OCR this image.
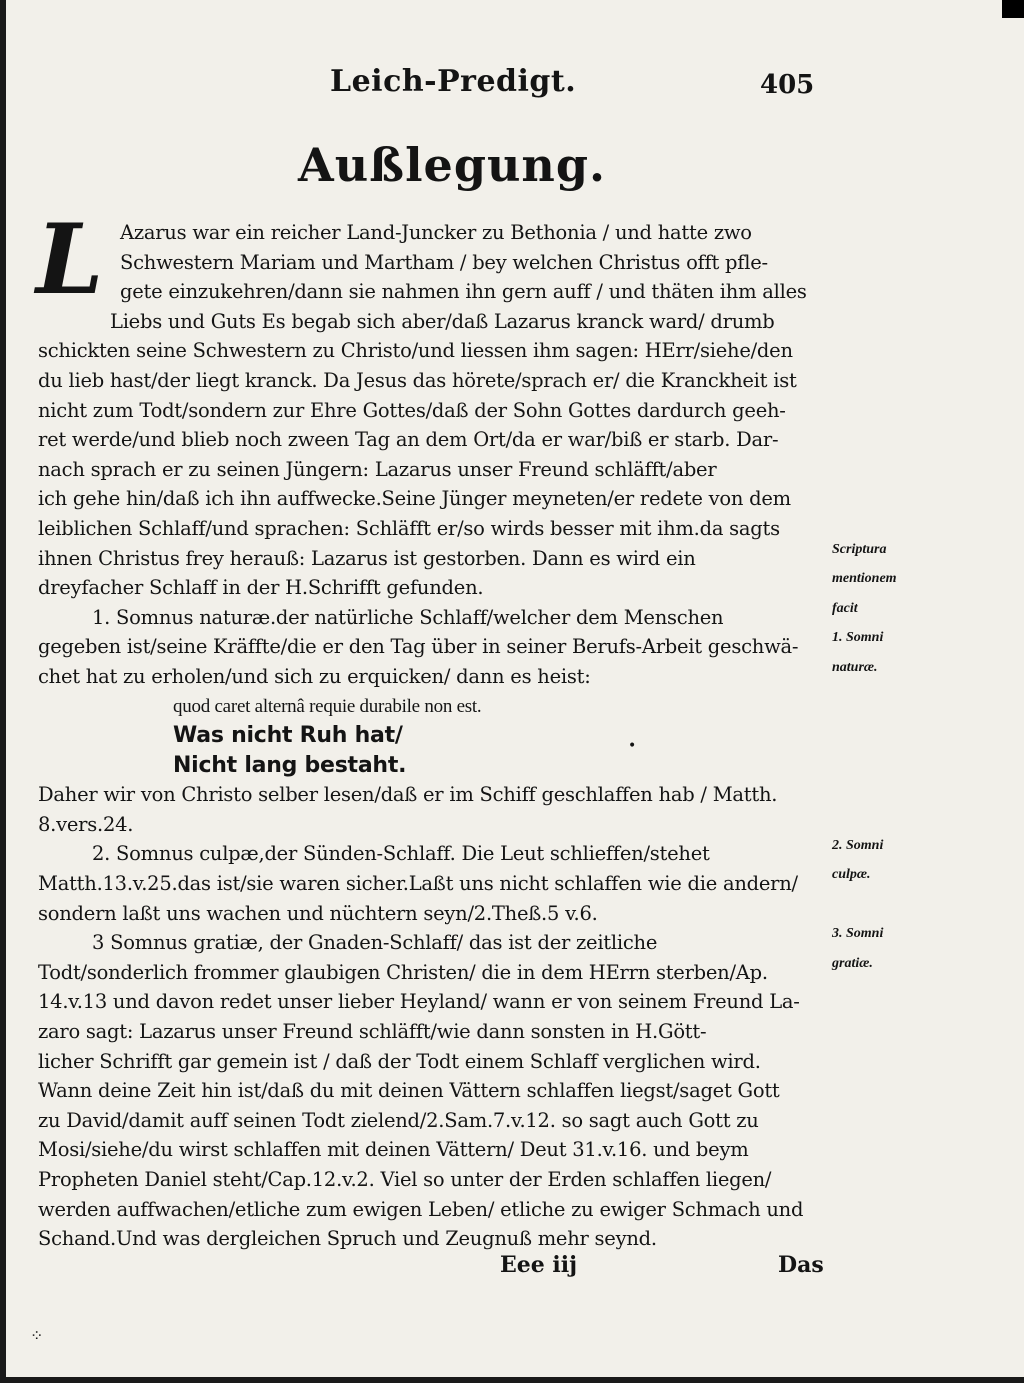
Leich-Predigt.	405
Außlegung.
L Azarus war ein reicher Land-Juncker zu Bethonia / und hatte zwo
Schwestern Mariam und Martham / bey welchen Christus offt pfle-
gete einzukehren/dann sie nahmen ihn gern auff / und thäten ihm alles
Liebs und Guts Es begab sich aber/daß Lazarus kranck ward/ drumb
schickten seine Schwestern zu Christo/und liessen ihm sagen: HErr/siehe/den
du lieb hast/der liegt kranck. Da Jesus das hörete/sprach er/ die Kranckheit ist
nicht zum Todt/sondern zur Ehre Gottes/daß der Sohn Gottes dardurch geeh-
ret werde/und blieb noch zween Tag an dem Ort/da er war/biß er starb. Dar-
nach sprach er zu seinen Jüngern: Lazarus unser Freund schläfft/aber
ich gehe hin/daß ich ihn auffwecke.Seine Jünger meyneten/er redete von dem
leiblichen Schlaff/und sprachen: Schläfft er/so wirds besser mit ihm.da sagts
ihnen Christus frey herauß: Lazarus ist gestorben. Dann es wird ein
dreyfacher Schlaff in der H.Schrifft gefunden.
1. Somnus naturæ.der natürliche Schlaff/welcher dem Menschen
gegeben ist/seine Kräffte/die er den Tag über in seiner Berufs-Arbeit geschwä-
chet hat zu erholen/und sich zu erquicken/ dann es heist:
quod caret alternâ requie durabile non est.
Was nicht Ruh hat/
Nicht lang bestaht.
Daher wir von Christo selber lesen/daß er im Schiff geschlaffen hab / Matth.
8.vers.24.
2. Somnus culpæ,der Sünden-Schlaff. Die Leut schlieffen/stehet
Matth.13.v.25.das ist/sie waren sicher.Laßt uns nicht schlaffen wie die andern/
sondern laßt uns wachen und nüchtern seyn/2.Theß.5 v.6.
3 Somnus gratiæ, der Gnaden-Schlaff/ das ist der zeitliche
Todt/sonderlich frommer glaubigen Christen/ die in dem HErrn sterben/Ap.
14.v.13 und davon redet unser lieber Heyland/ wann er von seinem Freund La-
zaro sagt: Lazarus unser Freund schläfft/wie dann sonsten in H.Gött-
licher Schrifft gar gemein ist / daß der Todt einem Schlaff verglichen wird.
Wann deine Zeit hin ist/daß du mit deinen Vättern schlaffen liegst/saget Gott
zu David/damit auff seinen Todt zielend/2.Sam.7.v.12. so sagt auch Gott zu
Mosi/siehe/du wirst schlaffen mit deinen Vättern/ Deut 31.v.16. und beym
Propheten Daniel steht/Cap.12.v.2. Viel so unter der Erden schlaffen liegen/
werden auffwachen/etliche zum ewigen Leben/ etliche zu ewiger Schmach und
Schand.Und was dergleichen Spruch und Zeugnuß mehr seynd.
Scriptura
mentionem
facit
1. Somni
naturæ.
2. Somni
culpæ.
3. Somni
gratiæ.
Eee iij	Das
⁘
•
